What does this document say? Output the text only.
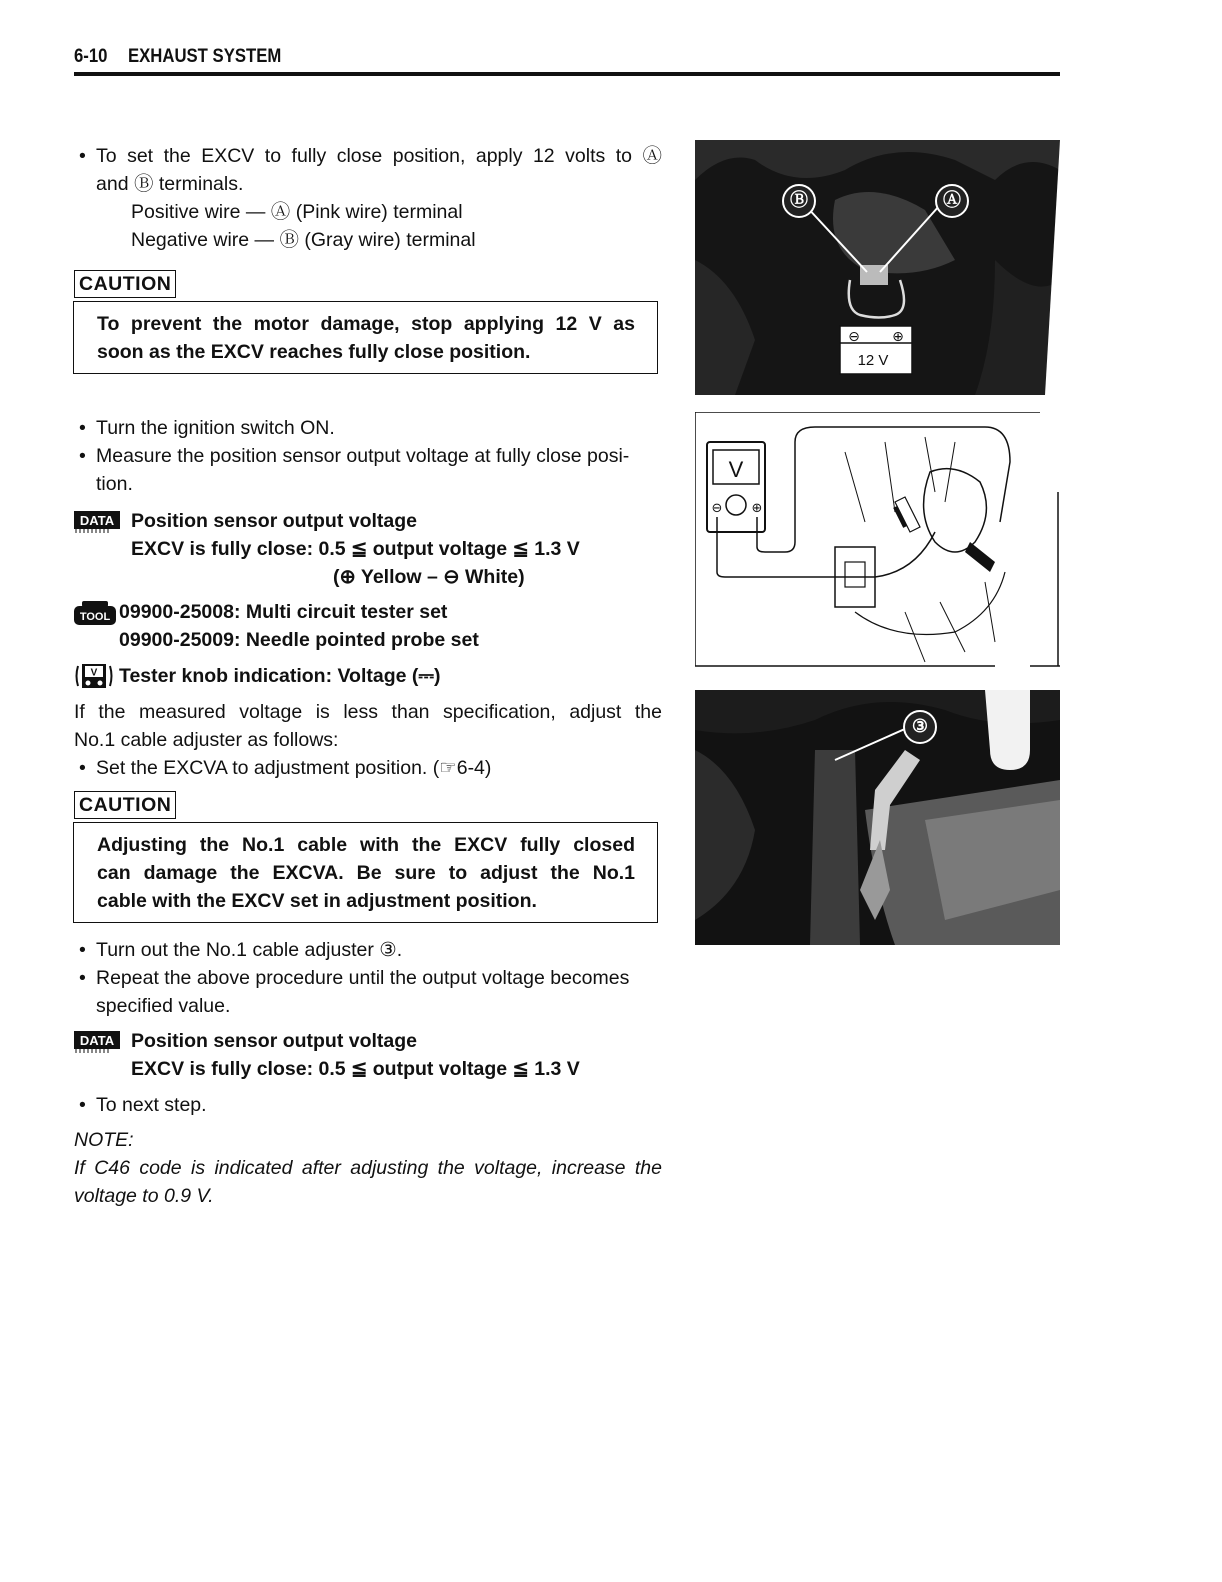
6-10 EXHAUST SYSTEM
• To set the EXCV to fully close position, apply 12 volts to Ⓐ
and Ⓑ terminals.
Positive wire — Ⓐ (Pink wire) terminal
Negative wire — Ⓑ (Gray wire) terminal
CAUTION
To prevent the motor damage, stop applying 12 V as
soon as the EXCV reaches fully close position.
• Turn the ignition switch ON.
• Measure the position sensor output voltage at fully close posi-
tion.
DATA Position sensor output voltage
EXCV is fully close: 0.5 ≦ output voltage ≦ 1.3 V
(⊕ Yellow – ⊖ White)
TOOL 09900-25008: Multi circuit tester set
09900-25009: Needle pointed probe set
V Tester knob indication: Voltage (⎓)
If the measured voltage is less than specification, adjust the
No.1 cable adjuster as follows:
• Set the EXCVA to adjustment position. (☞6-4)
CAUTION
Adjusting the No.1 cable with the EXCV fully closed
can damage the EXCVA. Be sure to adjust the No.1
cable with the EXCV set in adjustment position.
• Turn out the No.1 cable adjuster ③.
• Repeat the above procedure until the output voltage becomes
specified value.
DATA Position sensor output voltage
EXCV is fully close: 0.5 ≦ output voltage ≦ 1.3 V
• To next step.
NOTE:
If C46 code is indicated after adjusting the voltage, increase the
voltage to 0.9 V.
⊖ ⊕
12 V
Ⓑ	Ⓐ
V
⊖ ⊕
③
